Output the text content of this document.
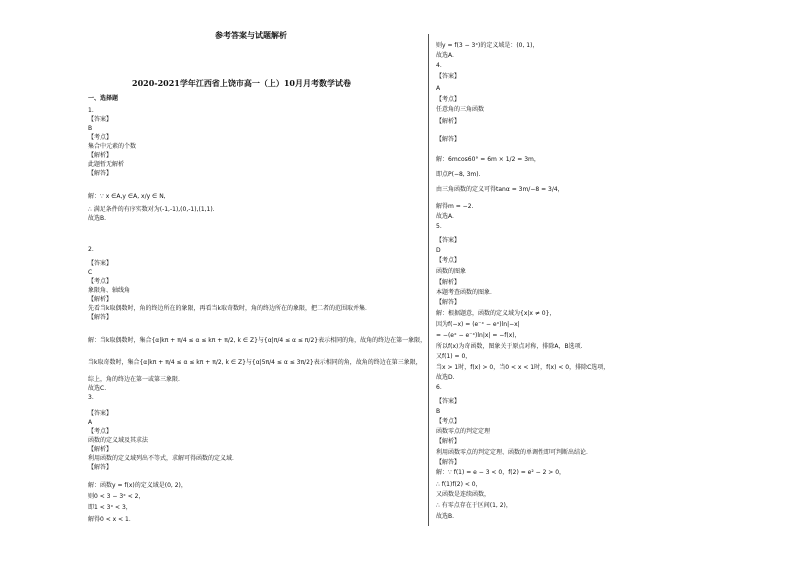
参考答案与试题解析
2020-2021学年江西省上饶市高一（上）10月月考数学试卷
一、选择题
1.
【答案】
B
【考点】
集合中元素的个数
【解析】
此题暂无解析
【解答】
解：∵ x ∈A,y ∈A, x/y ∈ N,
∴ 满足条件的有序实数对为(-1,-1),(0,-1),(1,1).
故选B.
2.
【答案】
C
【考点】
象限角、轴线角
【解析】
先看当k取偶数时，角的终边所在的象限，再看当k取奇数时，角的终边所在的象限，把二者的范围取并集．
【解答】
解：当k取偶数时，集合{α|kπ + π/4 ≤ α ≤ kπ + π/2, k ∈ Z}与{α|π/4 ≤ α ≤ π/2}表示相同的角，故角的终边在第一象限，
当k取奇数时，集合{α|kπ + π/4 ≤ α ≤ kπ + π/2, k ∈ Z}与{α|5π/4 ≤ α ≤ 3π/2}表示相同的角，故角的终边在第三象限，
综上，角的终边在第一或第三象限.
故选C.
3.
【答案】
A
【考点】
函数的定义域及其求法
【解析】
利用函数的定义域列出不等式，求解可得函数的定义域．
【解答】
解：函数y = f(x)的定义域是(0, 2)，
则0 < 3 − 3ˣ < 2，
即1 < 3ˣ < 3，
解得0 < x < 1．
则y = f(3 − 3ˣ)的定义域是：(0, 1)，
故选A.
4.
【答案】
A
【考点】
任意角的三角函数
【解析】
【解答】
解：6mcos60° = 6m × 1/2 = 3m，
即点P(−8, 3m).
由三角函数的定义可得tanα = 3m/−8 = 3/4，
解得m = −2.
故选A.
5.
【答案】
D
【考点】
函数的图象
【解析】
本题考查函数的图象．
【解答】
解：根据题意，函数的定义域为{x|x ≠ 0}，
因为f(−x) = (e⁻ˣ − eˣ)ln|−x|
= −(eˣ − e⁻ˣ)ln|x| = −f(x)，
所以f(x)为奇函数，图象关于原点对称，排除A，B选项.
又f(1) = 0，
当x > 1时，f(x) > 0，当0 < x < 1时，f(x) < 0，排除C选项，
故选D.
6.
【答案】
B
【考点】
函数零点的判定定理
【解析】
利用函数零点的判定定理、函数的单调性即可判断出结论．
【解答】
解：∵ f(1) = e − 3 < 0，f(2) = e² − 2 > 0，
∴ f(1)f(2) < 0，
又函数是连续函数，
∴ 有零点存在于区间(1, 2)，
故选B.
